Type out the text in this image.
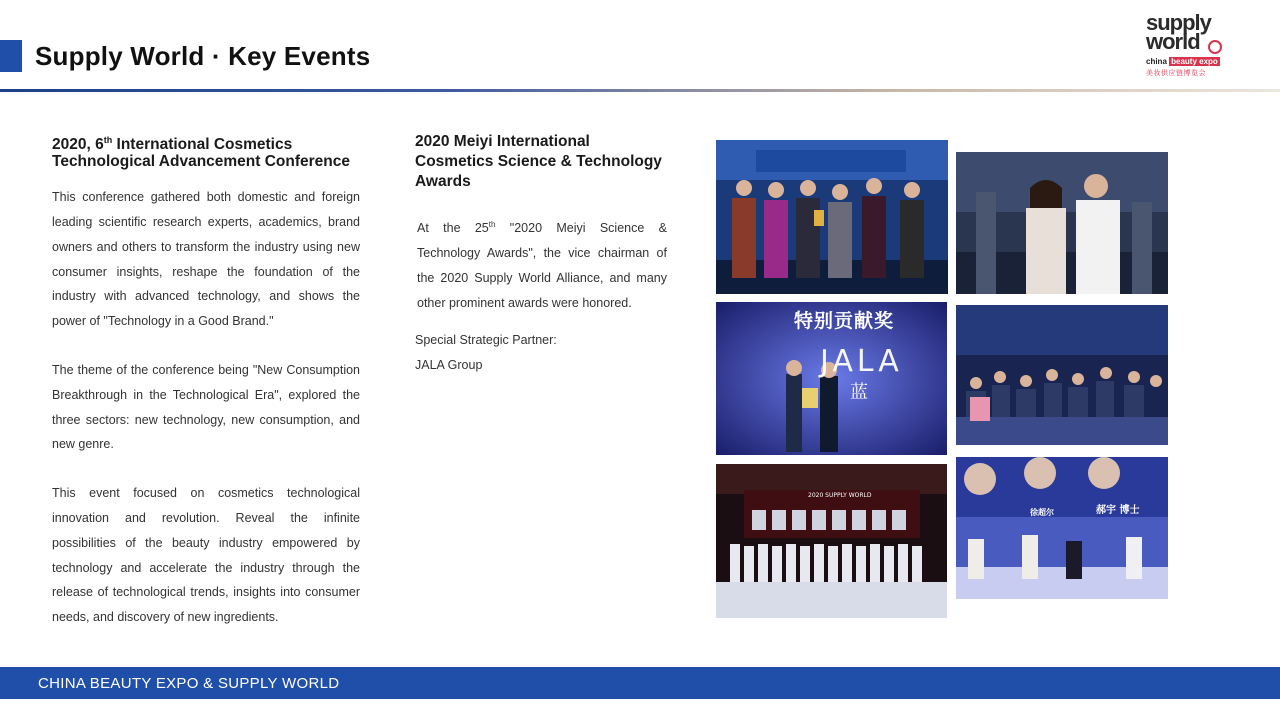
Supply World · Key Events
supply
world
china beauty expo
美妆供应链博览会
2020, 6th International Cosmetics Technological Advancement Conference

This conference gathered both domestic and foreign leading scientific research experts, academics, brand owners and others to transform the industry using new consumer insights, reshape the foundation of the industry with advanced technology, and shows the power of "Technology in a Good Brand."

The theme of the conference being "New Consumption Breakthrough in the Technological Era", explored the three sectors: new technology, new consumption, and new genre.

This event focused on cosmetics technological innovation and revolution. Reveal the infinite possibilities of the beauty industry empowered by technology and accelerate the industry through the release of technological trends, insights into consumer needs, and discovery of new ingredients.

2020 Meiyi International Cosmetics Science & Technology Awards

At the 25th "2020 Meiyi Science & Technology Awards", the vice chairman of the 2020 Supply World Alliance, and many other prominent awards were honored.

Special Strategic Partner:
JALA Group
特别贡献奖
JALA
蓝
2020 SUPPLY WORLD
郝宇 博士
徐超尔
CHINA BEAUTY EXPO & SUPPLY WORLD
